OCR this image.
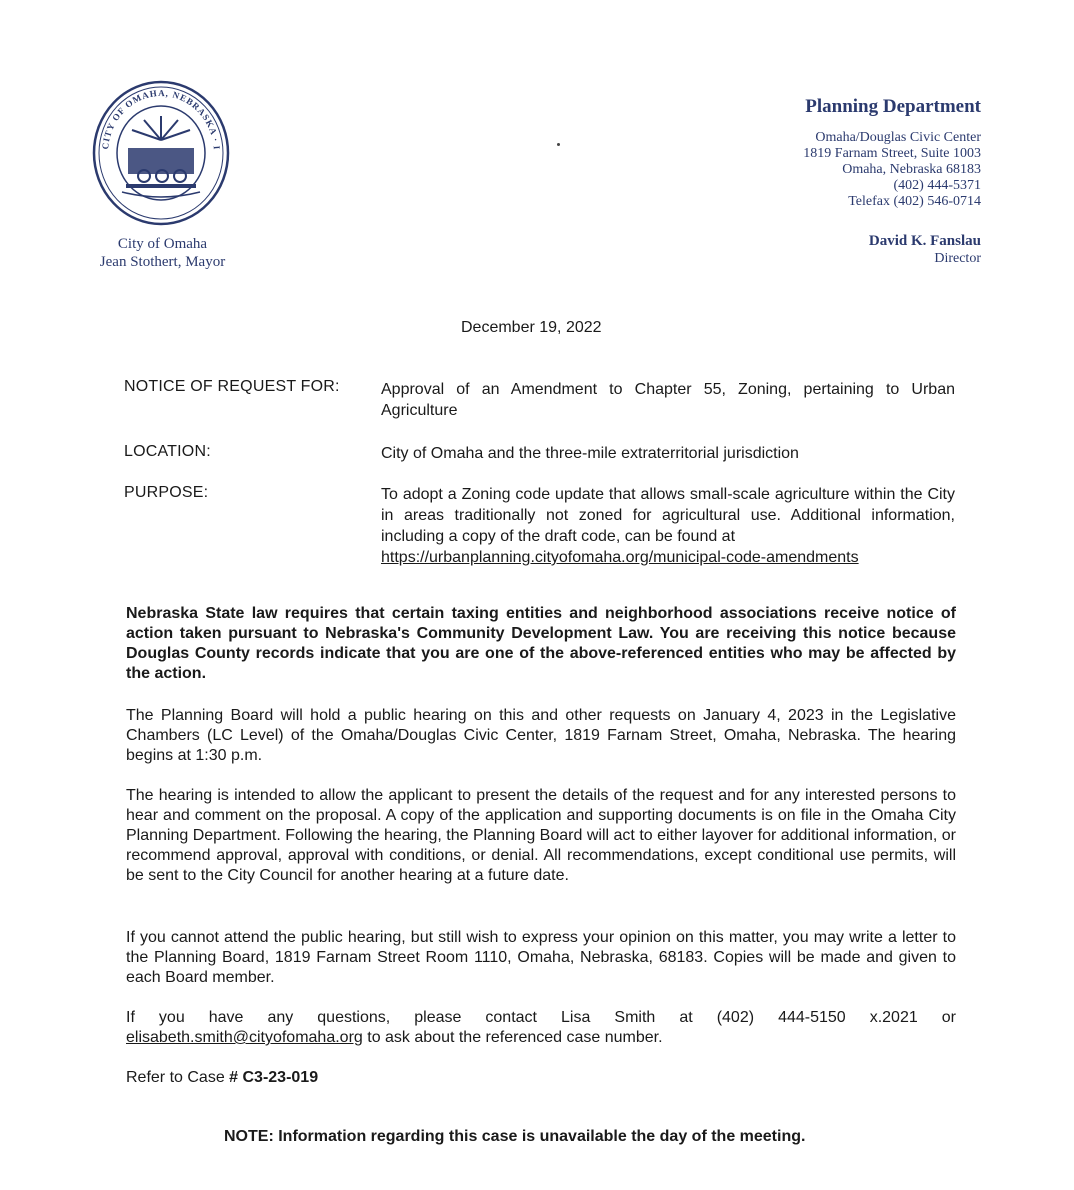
CITY OF OMAHA, NEBRASKA · I
City of Omaha
Jean Stothert, Mayor
Planning Department
Omaha/Douglas Civic Center
1819 Farnam Street, Suite 1003
Omaha, Nebraska 68183
(402) 444-5371
Telefax (402) 546-0714
David K. Fanslau
Director
December 19, 2022
NOTICE OF REQUEST FOR:	Approval of an Amendment to Chapter 55, Zoning, pertaining to Urban Agriculture
LOCATION:	City of Omaha and the three-mile extraterritorial jurisdiction
PURPOSE:	To adopt a Zoning code update that allows small-scale agriculture within the City in areas traditionally not zoned for agricultural use. Additional information, including a copy of the draft code, can be found at
https://urbanplanning.cityofomaha.org/municipal-code-amendments
Nebraska State law requires that certain taxing entities and neighborhood associations receive notice of action taken pursuant to Nebraska's Community Development Law. You are receiving this notice because Douglas County records indicate that you are one of the above-referenced entities who may be affected by the action.
The Planning Board will hold a public hearing on this and other requests on January 4, 2023 in the Legislative Chambers (LC Level) of the Omaha/Douglas Civic Center, 1819 Farnam Street, Omaha, Nebraska. The hearing begins at 1:30 p.m.
The hearing is intended to allow the applicant to present the details of the request and for any interested persons to hear and comment on the proposal. A copy of the application and supporting documents is on file in the Omaha City Planning Department. Following the hearing, the Planning Board will act to either layover for additional information, or recommend approval, approval with conditions, or denial. All recommendations, except conditional use permits, will be sent to the City Council for another hearing at a future date.
If you cannot attend the public hearing, but still wish to express your opinion on this matter, you may write a letter to the Planning Board, 1819 Farnam Street Room 1110, Omaha, Nebraska, 68183. Copies will be made and given to each Board member.
If you have any questions, please contact Lisa Smith at (402) 444-5150 x.2021 or
elisabeth.smith@cityofomaha.org to ask about the referenced case number.
Refer to Case # C3-23-019
NOTE: Information regarding this case is unavailable the day of the meeting.
